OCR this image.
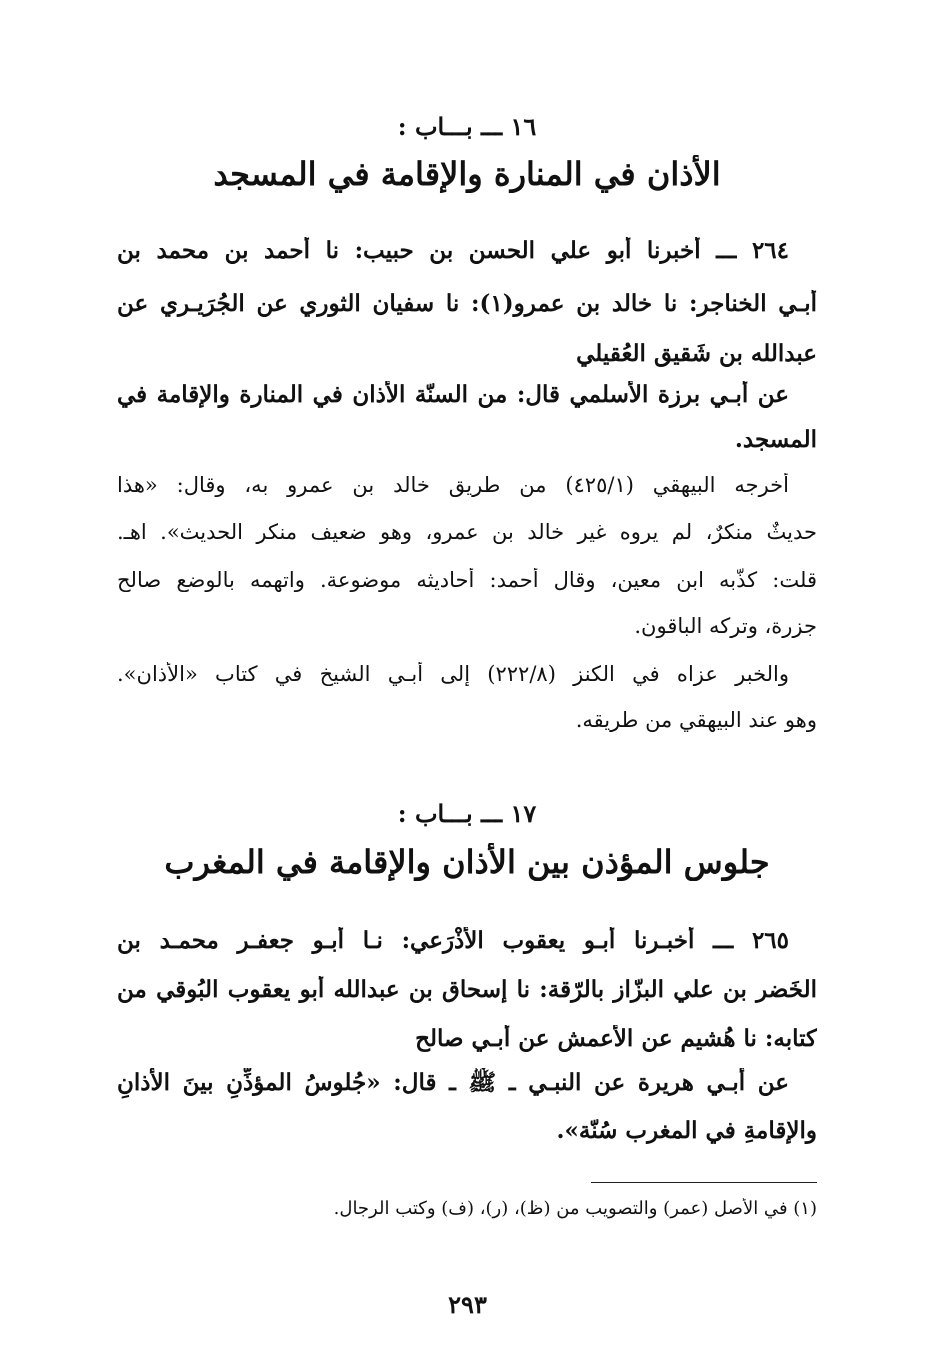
١٦ ـــ بـــاب :
الأذان في المنارة والإقامة في المسجد
٢٦٤ ـــ أخبرنا أبو علي الحسن بن حبيب: نا أحمد بن محمد بن
أبـي الخناجر: نا خالد بن عمرو(١): نا سفيان الثوري عن الجُرَيـري عن
عبدالله بن شَقيق العُقيلي
عن أبـي برزة الأسلمي قال: من السنّة الأذان في المنارة والإقامة في
المسجد.
أخرجه البيهقي (٤٢٥/١) من طريق خالد بن عمرو به، وقال: «هذا
حديثٌ منكرٌ، لم يروه غير خالد بن عمرو، وهو ضعيف منكر الحديث». اهـ.
قلت: كذّبه ابن معين، وقال أحمد: أحاديثه موضوعة. واتهمه بالوضع صالح
جزرة، وتركه الباقون.
والخبر عزاه في الكنز (٢٢٢/٨) إلى أبـي الشيخ في كتاب «الأذان».
وهو عند البيهقي من طريقه.
١٧ ـــ بـــاب :
جلوس المؤذن بين الأذان والإقامة في المغرب
٢٦٥ ـــ أخبـرنا أبـو يعقوب الأَذْرَعي: نـا أبـو جعفـر محمـد بن
الخَضر بن علي البزّاز بالرّقة: نا إسحاق بن عبدالله أبو يعقوب البُوقي من
كتابه: نا هُشيم عن الأعمش عن أبـي صالح
عن أبـي هريرة عن النبـي ـ ﷺ ـ قال: «جُلوسُ المؤذِّنِ بينَ الأذانِ
والإقامةِ في المغرب سُنّة».
(١) في الأصل (عمر) والتصويب من (ظ)، (ر)، (ف) وكتب الرجال.
٢٩٣
